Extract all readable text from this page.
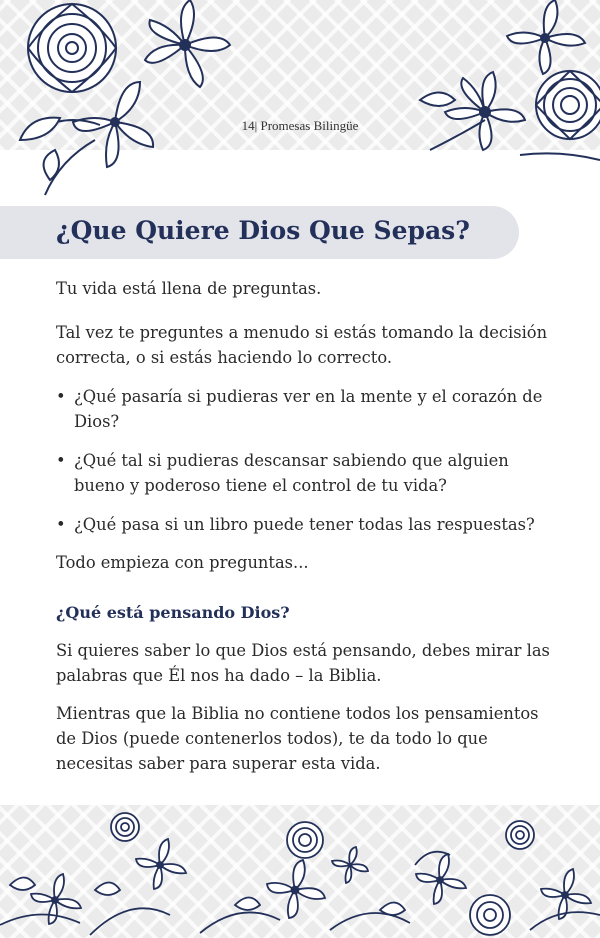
14| Promesas Bilingüe
¿Que Quiere Dios Que Sepas?

Tu vida está llena de preguntas.

Tal vez te preguntes a menudo si estás tomando la decisión correcta, o si estás haciendo lo correcto.

• ¿Qué pasaría si pudieras ver en la mente y el corazón de Dios?
• ¿Qué tal si pudieras descansar sabiendo que alguien bueno y poderoso tiene el control de tu vida?
• ¿Qué pasa si un libro puede tener todas las respuestas?

Todo empieza con preguntas...

¿Qué está pensando Dios?

Si quieres saber lo que Dios está pensando, debes mirar las palabras que Él nos ha dado – la Biblia.

Mientras que la Biblia no contiene todos los pensamientos de Dios (puede contenerlos todos), te da todo lo que necesitas saber para superar esta vida.
